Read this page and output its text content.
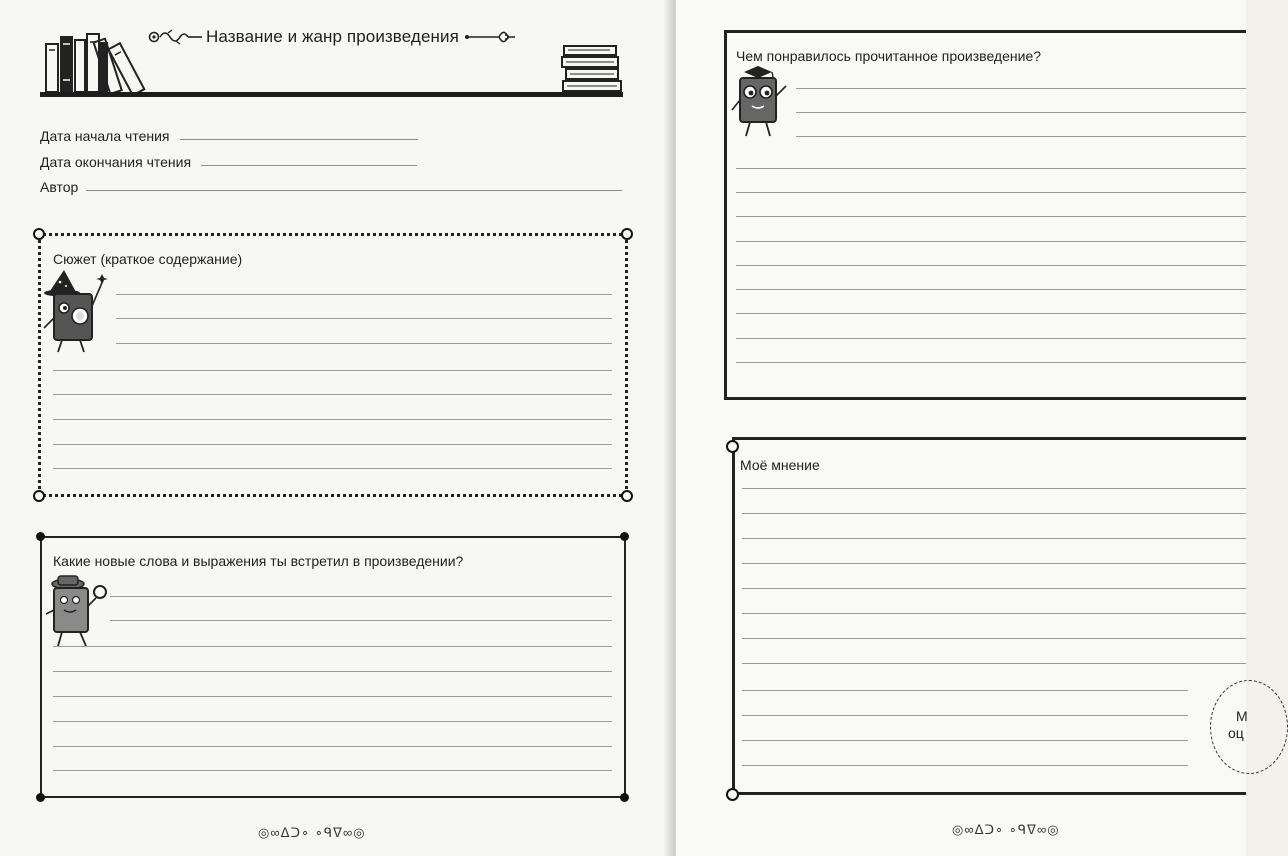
Название и жанр произведения
Дата начала чтения
Дата окончания чтения
Автор
Сюжет (краткое содержание)
Какие новые слова и выражения ты встретил в произведении?
◎∞ᐃᑐ∘ ∘ᑫᐁ∞◎
Чем понравилось прочитанное произведение?
Моё мнение
М
оц
◎∞ᐃᑐ∘ ∘ᑫᐁ∞◎
